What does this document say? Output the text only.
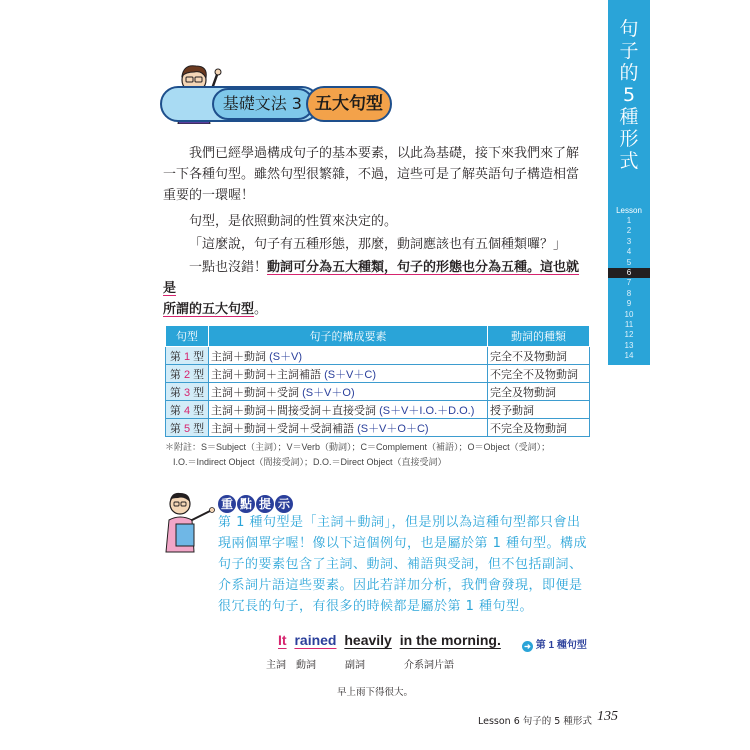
句
子
的
5
種
形
式
Lesson
1
2
3
4
5
6
7
8
9
10
11
12
13
14
基礎文法 3 五大句型
我們已經學過構成句子的基本要素，以此為基礎，接下來我們來了解一下各種句型。雖然句型很繁雜，不過，這些可是了解英語句子構造相當重要的一環喔！
句型，是依照動詞的性質來決定的。
「這麼說，句子有五種形態，那麼，動詞應該也有五個種類囉？」
一點也沒錯！動詞可分為五大種類，句子的形態也分為五種。這也就是
所謂的五大句型。
句型	句子的構成要素	動詞的種類
第 1 型	主詞＋動詞 (S＋V)	完全不及物動詞
第 2 型	主詞＋動詞＋主詞補語 (S＋V＋C)	不完全不及物動詞
第 3 型	主詞＋動詞＋受詞 (S＋V＋O)	完全及物動詞
第 4 型	主詞＋動詞＋間接受詞＋直接受詞 (S＋V＋I.O.＋D.O.)	授予動詞
第 5 型	主詞＋動詞＋受詞＋受詞補語 (S＋V＋O＋C)	不完全及物動詞
＊附註：S＝Subject（主詞）；V＝Verb（動詞）；C＝Complement（補語）；O＝Object（受詞）；
I.O.＝Indirect Object（間接受詞）；D.O.＝Direct Object（直接受詞）
重 點 提 示
第 1 種句型是「主詞＋動詞」，但是別以為這種句型都只會出現兩個單字喔！像以下這個例句，也是屬於第 1 種句型。構成句子的要素包含了主詞、動詞、補語與受詞，但不包括副詞、介系詞片語這些要素。因此若詳加分析，我們會發現，即便是很冗長的句子，有很多的時候都是屬於第 1 種句型。
It rained heavily in the morning.	➜ 第 1 種句型
主詞 動詞	副詞	介系詞片語
早上雨下得很大。
Lesson 6 句子的 5 種形式 135
